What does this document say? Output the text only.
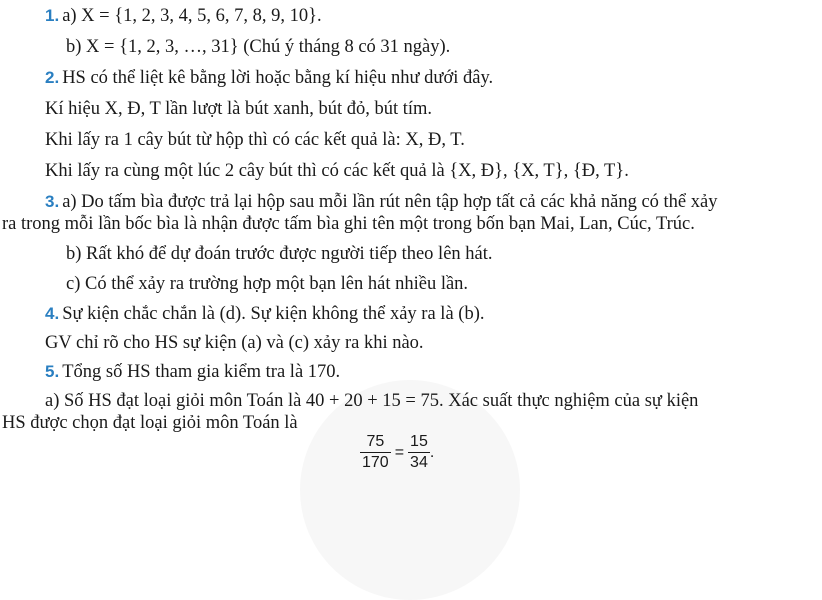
1. a) X = {1, 2, 3, 4, 5, 6, 7, 8, 9, 10}.
b) X = {1, 2, 3, …, 31} (Chú ý tháng 8 có 31 ngày).
2. HS có thể liệt kê bằng lời hoặc bằng kí hiệu như dưới đây.
Kí hiệu X, Đ, T lần lượt là bút xanh, bút đỏ, bút tím.
Khi lấy ra 1 cây bút từ hộp thì có các kết quả là: X, Đ, T.
Khi lấy ra cùng một lúc 2 cây bút thì có các kết quả là {X, Đ}, {X, T}, {Đ, T}.
3. a) Do tấm bìa được trả lại hộp sau mỗi lần rút nên tập hợp tất cả các khả năng có thể xảy
ra trong mỗi lần bốc bìa là nhận được tấm bìa ghi tên một trong bốn bạn Mai, Lan, Cúc, Trúc.
b) Rất khó để dự đoán trước được người tiếp theo lên hát.
c) Có thể xảy ra trường hợp một bạn lên hát nhiều lần.
4. Sự kiện chắc chắn là (d). Sự kiện không thể xảy ra là (b).
GV chỉ rõ cho HS sự kiện (a) và (c) xảy ra khi nào.
5. Tổng số HS tham gia kiểm tra là 170.
a) Số HS đạt loại giỏi môn Toán là 40 + 20 + 15 = 75. Xác suất thực nghiệm của sự kiện
HS được chọn đạt loại giỏi môn Toán là
$\frac{75}{170} = \frac{15}{34}$ .
